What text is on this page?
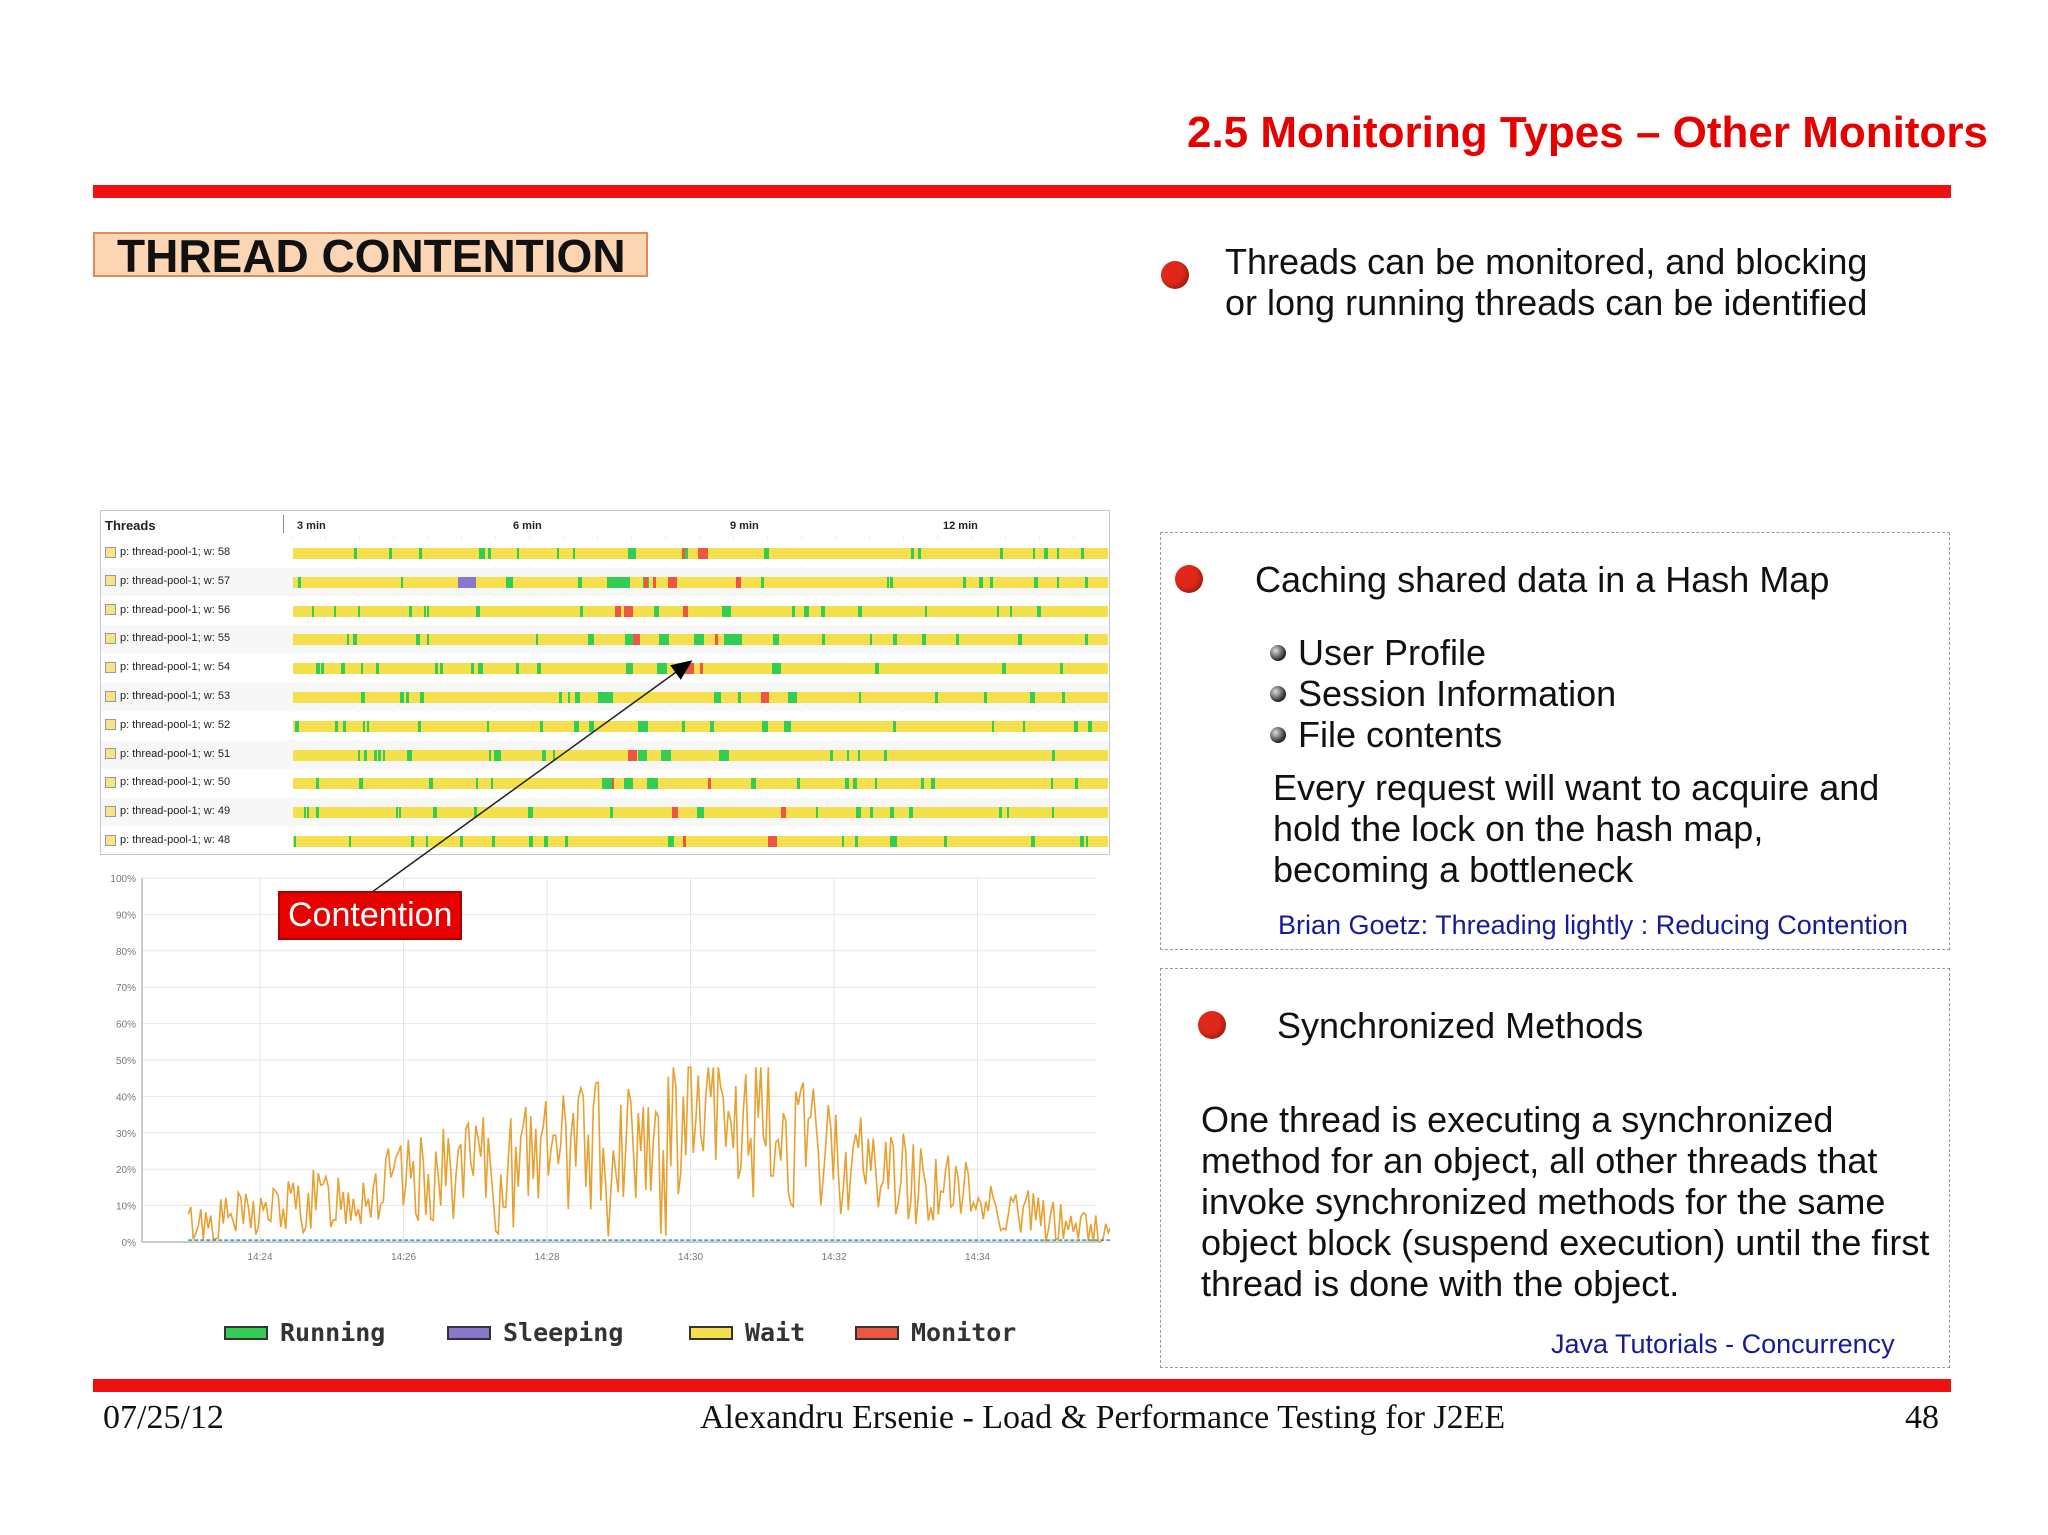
2.5 Monitoring Types – Other Monitors
THREAD CONTENTION	Threads can be monitored, and blocking
or long running threads can be identified
Caching shared data in a Hash Map
User Profile
Session Information
File contents
Every request will want to acquire and
hold the lock on the hash map,
becoming a bottleneck
Brian Goetz: Threading lightly : Reducing Contention
Synchronized Methods
One thread is executing a synchronized
method for an object, all other threads that
invoke synchronized methods for the same
object block (suspend execution) until the first
thread is done with the object.
Java Tutorials - Concurrency
Threads	3 min	6 min	9 min	12 min
p: thread-pool-1; w: 58
p: thread-pool-1; w: 57
p: thread-pool-1; w: 56
p: thread-pool-1; w: 55
p: thread-pool-1; w: 54
p: thread-pool-1; w: 53
p: thread-pool-1; w: 52
p: thread-pool-1; w: 51
p: thread-pool-1; w: 50
p: thread-pool-1; w: 49
p: thread-pool-1; w: 48
0%
10%
20%
30%
40%
50%
60%
70%
80%
90%
100%
14:24	14:26	14:28	14:30	14:32	14:34
Contention
Running	Sleeping	Wait	Monitor
07/25/12	Alexandru Ersenie - Load & Performance Testing for J2EE	48
